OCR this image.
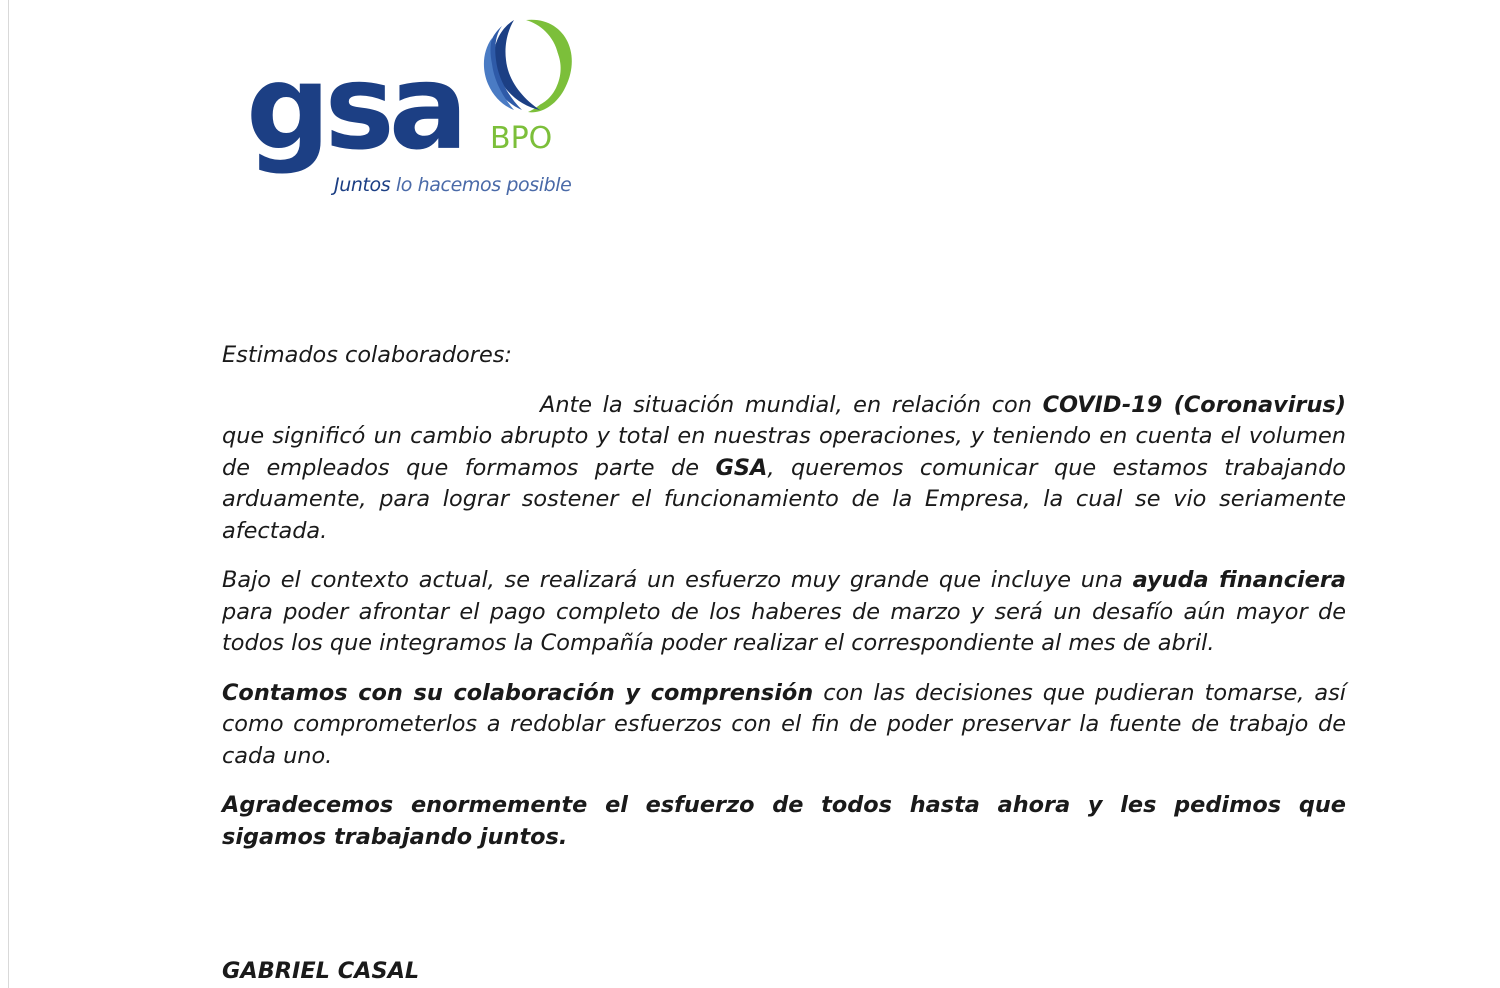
gsa BPO
Juntos lo hacemos posible

Estimados colaboradores:

Ante la situación mundial, en relación con COVID-19 (Coronavirus) que significó un cambio abrupto y total en nuestras operaciones, y teniendo en cuenta el volumen de empleados que formamos parte de GSA, queremos comunicar que estamos trabajando arduamente, para lograr sostener el funcionamiento de la Empresa, la cual se vio seriamente afectada.

Bajo el contexto actual, se realizará un esfuerzo muy grande que incluye una ayuda financiera para poder afrontar el pago completo de los haberes de marzo y será un desafío aún mayor de todos los que integramos la Compañía poder realizar el correspondiente al mes de abril.

Contamos con su colaboración y comprensión con las decisiones que pudieran tomarse, así como comprometerlos a redoblar esfuerzos con el fin de poder preservar la fuente de trabajo de cada uno.

Agradecemos enormemente el esfuerzo de todos hasta ahora y les pedimos que sigamos trabajando juntos.

GABRIEL CASAL
